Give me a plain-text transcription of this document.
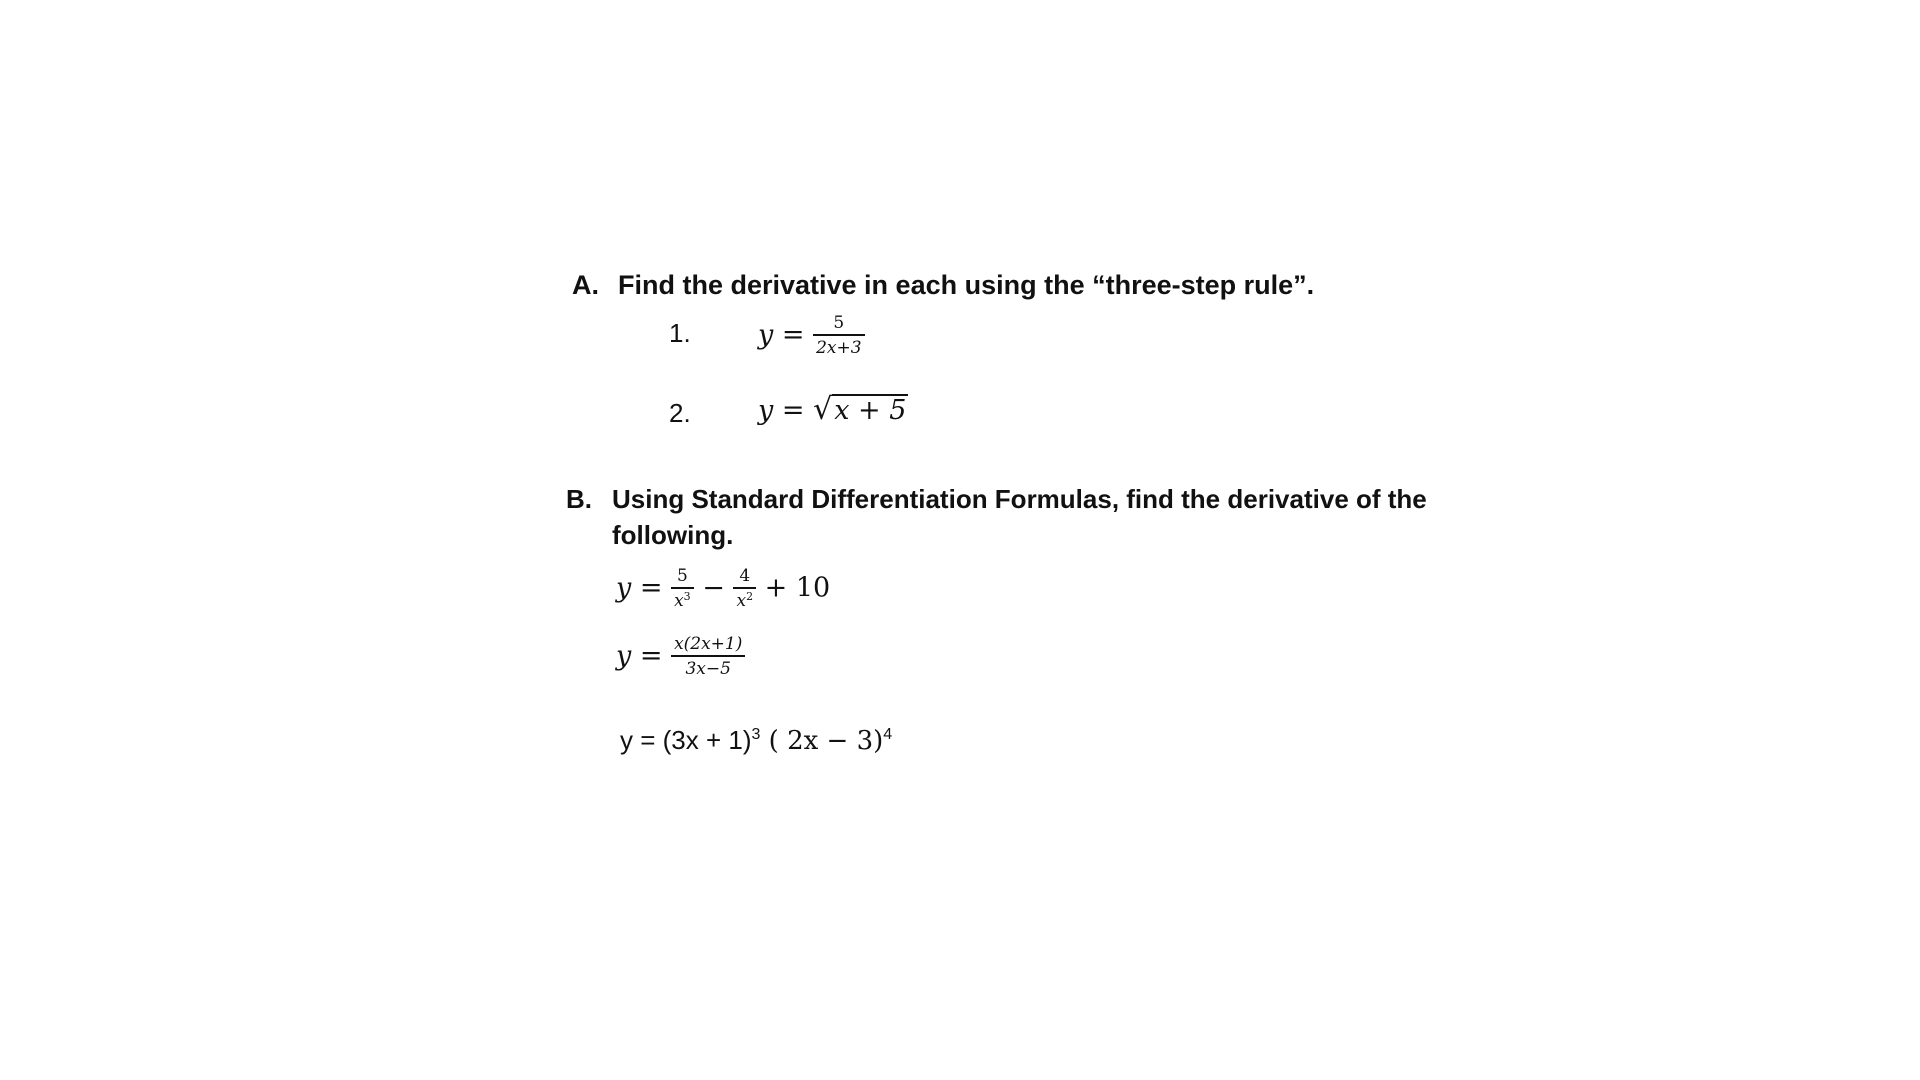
A. Find the derivative in each using the “three-step rule”.
1. $y = \frac{5}{2x+3}$
2. y = √ x + 5
B. Using Standard Differentiation Formulas, find the derivative of the following.
$y = \frac{5}{x^3} - \frac{4}{x^2} + 10$
$y = \frac{x(2x+1)}{3x-5}$
$y = (3x + 1)^3$ ( 2x − 3)$^4$
